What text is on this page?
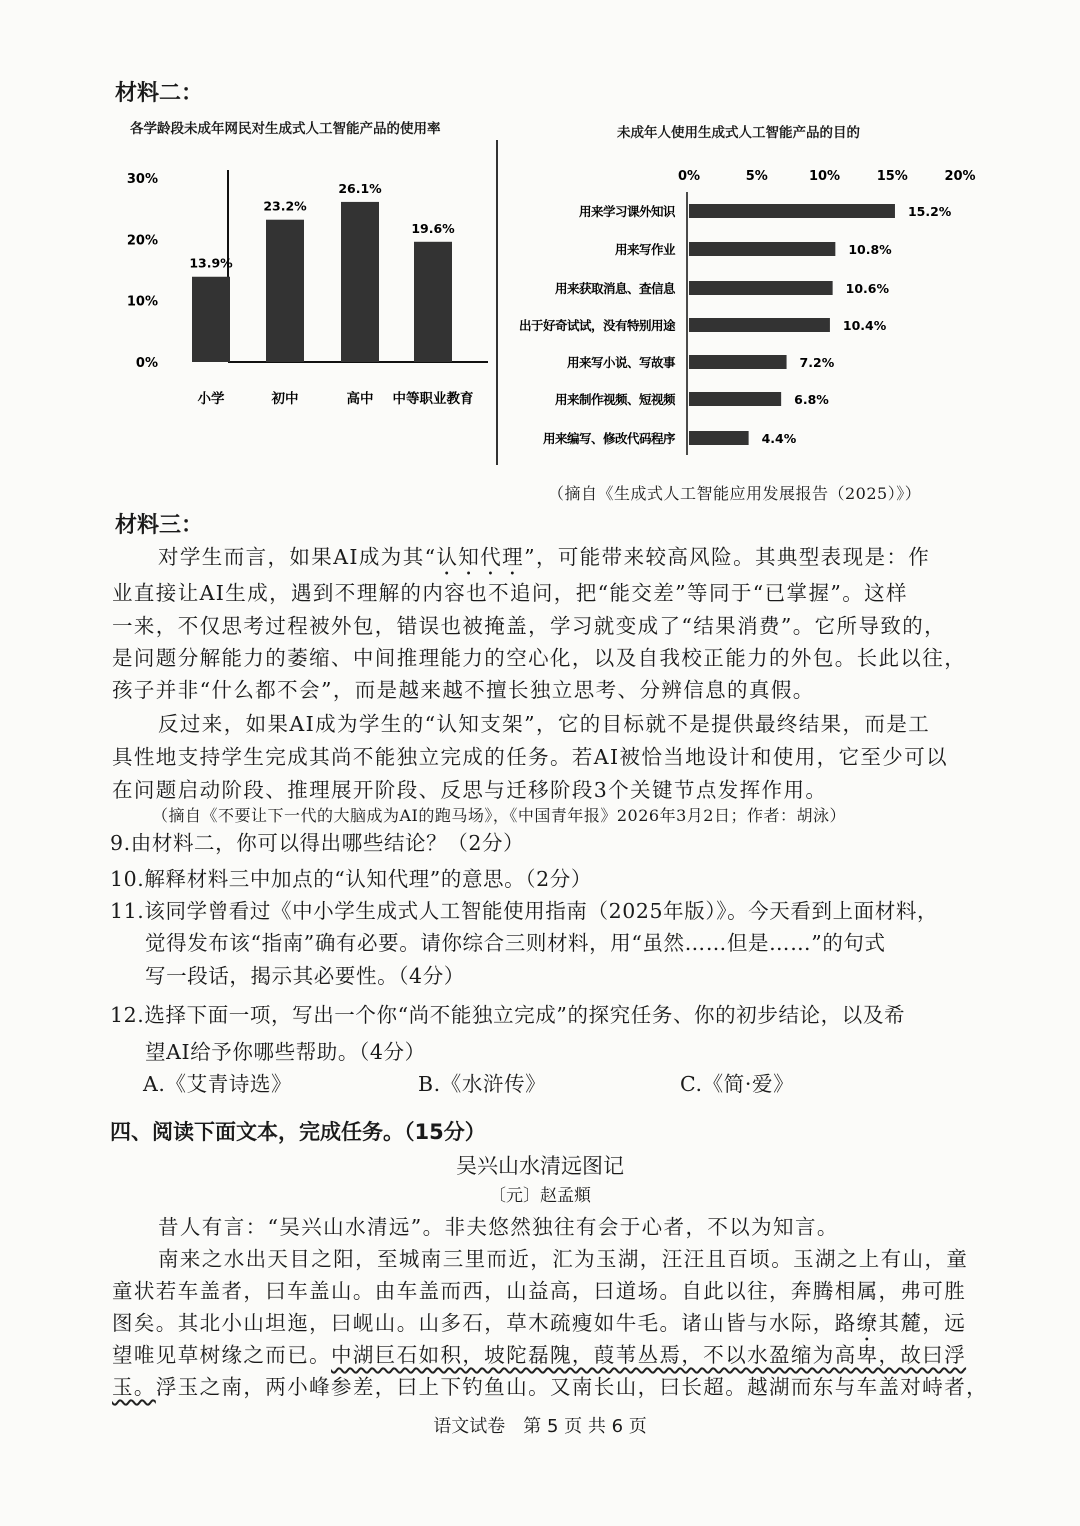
材料二：
各学龄段未成年网民对生成式人工智能产品的使用率
30%
20%
10%
0%
13.9%
小学
23.2%
初中
26.1%
高中
19.6%
中等职业教育
未成年人使用生成式人工智能产品的目的
0%	5%	10%	15%	20%
用来学习课外知识	15.2%
用来写作业	10.8%
用来获取消息、查信息	10.6%
出于好奇试试，没有特别用途	10.4%
用来写小说、写故事	7.2%
用来制作视频、短视频	6.8%
用来编写、修改代码程序	4.4%
（摘自《生成式人工智能应用发展报告（2025）》）
材料三：
对学生而言，如果AI成为其“认知代理”，可能带来较高风险。其典型表现是：作
业直接让AI生成，遇到不理解的内容也不追问，把“能交差”等同于“已掌握”。这样
一来，不仅思考过程被外包，错误也被掩盖，学习就变成了“结果消费”。它所导致的，
是问题分解能力的萎缩、中间推理能力的空心化，以及自我校正能力的外包。长此以往，
孩子并非“什么都不会”，而是越来越不擅长独立思考、分辨信息的真假。
反过来，如果AI成为学生的“认知支架”，它的目标就不是提供最终结果，而是工
具性地支持学生完成其尚不能独立完成的任务。若AI被恰当地设计和使用，它至少可以
在问题启动阶段、推理展开阶段、反思与迁移阶段3个关键节点发挥作用。
（摘自《不要让下一代的大脑成为AI的跑马场》，《中国青年报》2026年3月2日；作者：胡泳）
9.由材料二，你可以得出哪些结论？（2分）
10.解释材料三中加点的“认知代理”的意思。（2分）
11.该同学曾看过《中小学生成式人工智能使用指南（2025年版）》。今天看到上面材料，
觉得发布该“指南”确有必要。请你综合三则材料，用“虽然……但是……”的句式
写一段话，揭示其必要性。（4分）
12.选择下面一项，写出一个你“尚不能独立完成”的探究任务、你的初步结论，以及希
望AI给予你哪些帮助。（4分）
A.《艾青诗选》	B.《水浒传》	C.《简·爱》
四、阅读下面文本，完成任务。（15分）
吴兴山水清远图记
〔元〕赵孟頫
昔人有言：“吴兴山水清远”。非夫悠然独往有会于心者，不以为知言。
南来之水出天目之阳，至城南三里而近，汇为玉湖，汪汪且百顷。玉湖之上有山，童
童状若车盖者，曰车盖山。由车盖而西，山益高，曰道场。自此以往，奔腾相属，弗可胜
图矣。其北小山坦迤，曰岘山。山多石，草木疏瘦如牛毛。诸山皆与水际，路缭其麓，远
望唯见草树缘之而已。中湖巨石如积，坡陀磊隗，葭苇丛焉，不以水盈缩为高卑，故曰浮
玉。浮玉之南，两小峰参差，曰上下钓鱼山。又南长山，曰长超。越湖而东与车盖对峙者，
语文试卷　第 5 页 共 6 页
